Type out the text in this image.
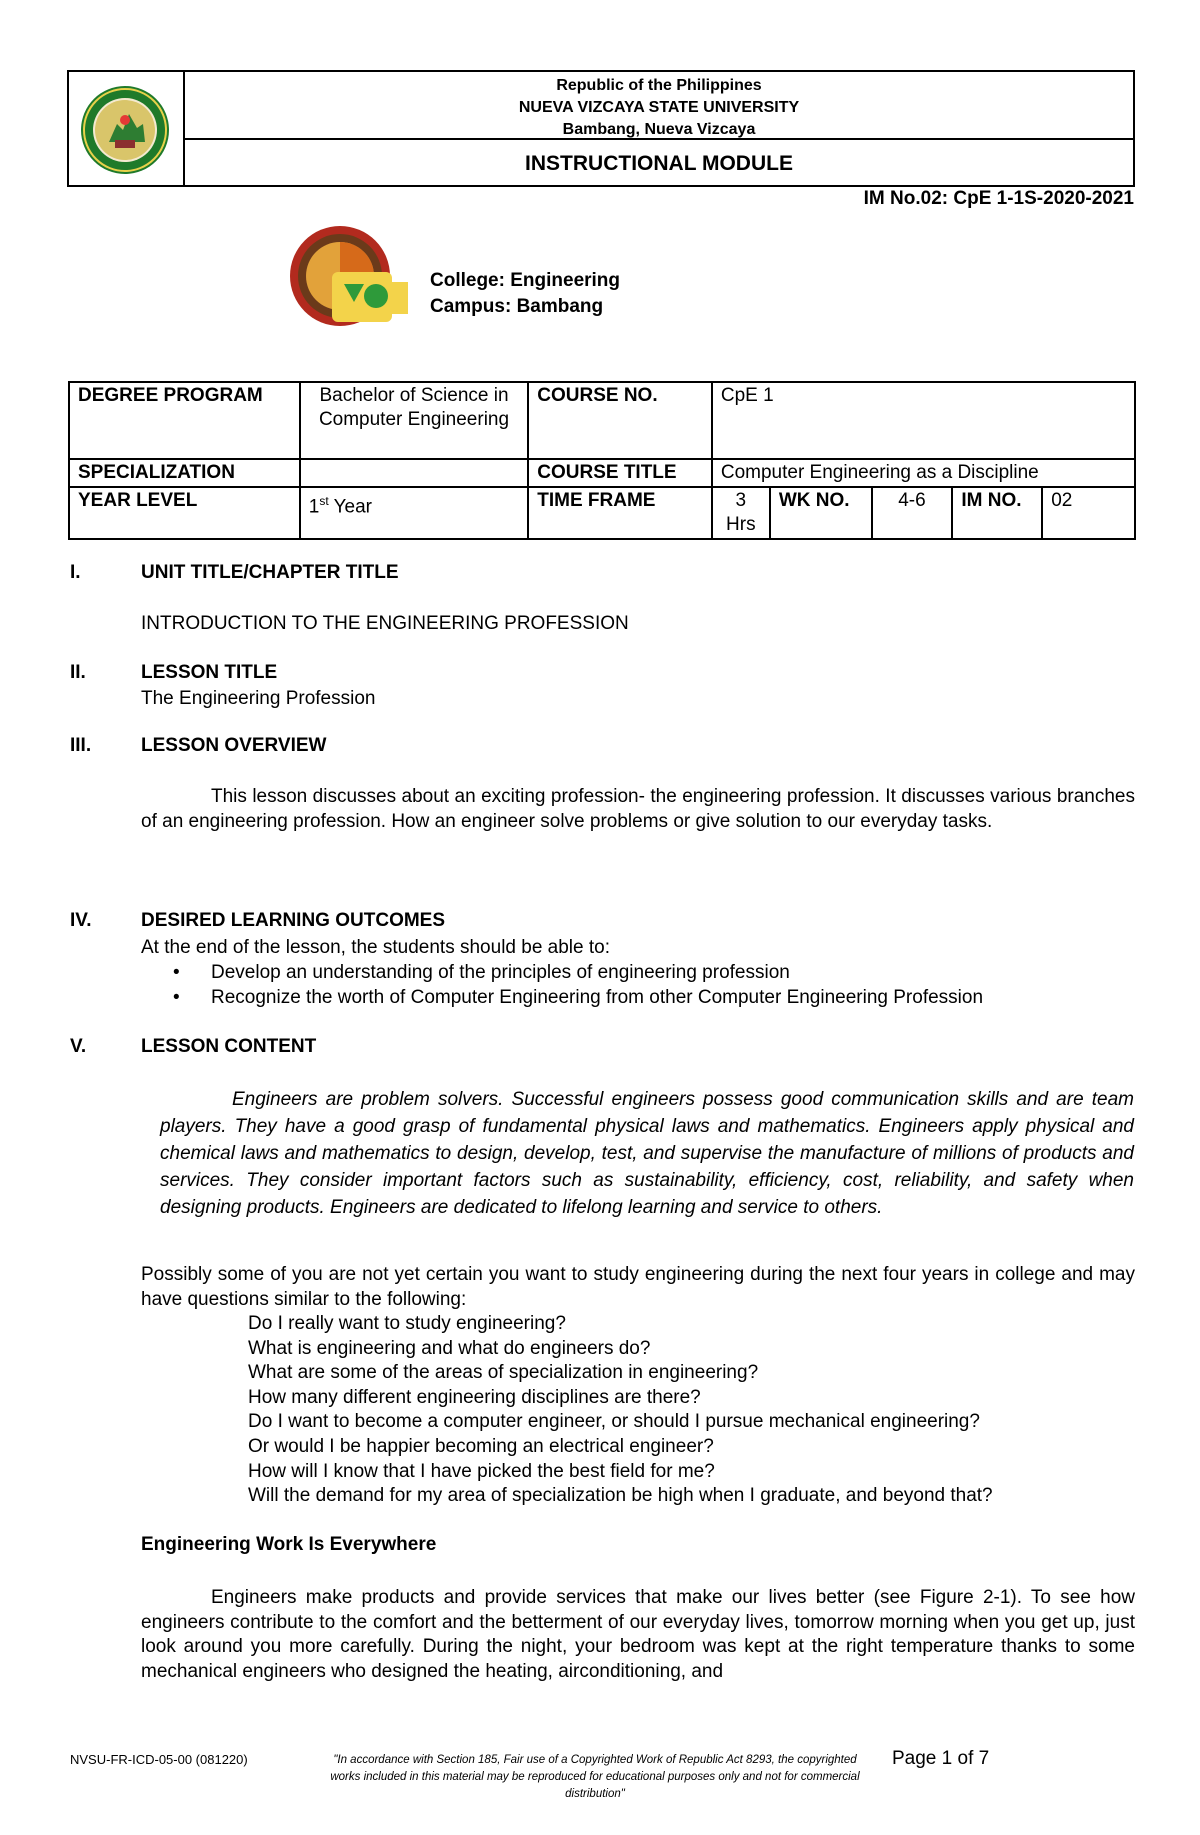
Republic of the Philippines
NUEVA VIZCAYA STATE UNIVERSITY
Bambang, Nueva Vizcaya
INSTRUCTIONAL MODULE
IM No.02: CpE 1-1S-2020-2021
College: Engineering
Campus: Bambang
DEGREE PROGRAM	Bachelor of Science in Computer Engineering	COURSE NO.	CpE 1				
SPECIALIZATION		COURSE TITLE	Computer Engineering as a Discipline				
YEAR LEVEL	1st Year	TIME FRAME	3 Hrs	WK NO.	4-6	IM NO.	02
I.	UNIT TITLE/CHAPTER TITLE
INTRODUCTION TO THE ENGINEERING PROFESSION
II.	LESSON TITLE
The Engineering Profession
III.	LESSON OVERVIEW
This lesson discusses about an exciting profession- the engineering profession. It discusses various branches of an engineering profession. How an engineer solve problems or give solution to our everyday tasks.
IV.	DESIRED LEARNING OUTCOMES
At the end of the lesson, the students should be able to:
• Develop an understanding of the principles of engineering profession
• Recognize the worth of Computer Engineering from other Computer Engineering Profession
V.	LESSON CONTENT
Engineers are problem solvers. Successful engineers possess good communication skills and are team players. They have a good grasp of fundamental physical laws and mathematics. Engineers apply physical and chemical laws and mathematics to design, develop, test, and supervise the manufacture of millions of products and services. They consider important factors such as sustainability, efficiency, cost, reliability, and safety when designing products. Engineers are dedicated to lifelong learning and service to others.
Possibly some of you are not yet certain you want to study engineering during the next four years in college and may have questions similar to the following:
Do I really want to study engineering?
What is engineering and what do engineers do?
What are some of the areas of specialization in engineering?
How many different engineering disciplines are there?
Do I want to become a computer engineer, or should I pursue mechanical engineering?
Or would I be happier becoming an electrical engineer?
How will I know that I have picked the best field for me?
Will the demand for my area of specialization be high when I graduate, and beyond that?
Engineering Work Is Everywhere
Engineers make products and provide services that make our lives better (see Figure 2-1). To see how engineers contribute to the comfort and the betterment of our everyday lives, tomorrow morning when you get up, just look around you more carefully. During the night, your bedroom was kept at the right temperature thanks to some mechanical engineers who designed the heating, airconditioning, and
NVSU-FR-ICD-05-00 (081220)	"In accordance with Section 185, Fair use of a Copyrighted Work of Republic Act 8293, the copyrighted works included in this material may be reproduced for educational purposes only and not for commercial distribution"
Page 1 of 7
